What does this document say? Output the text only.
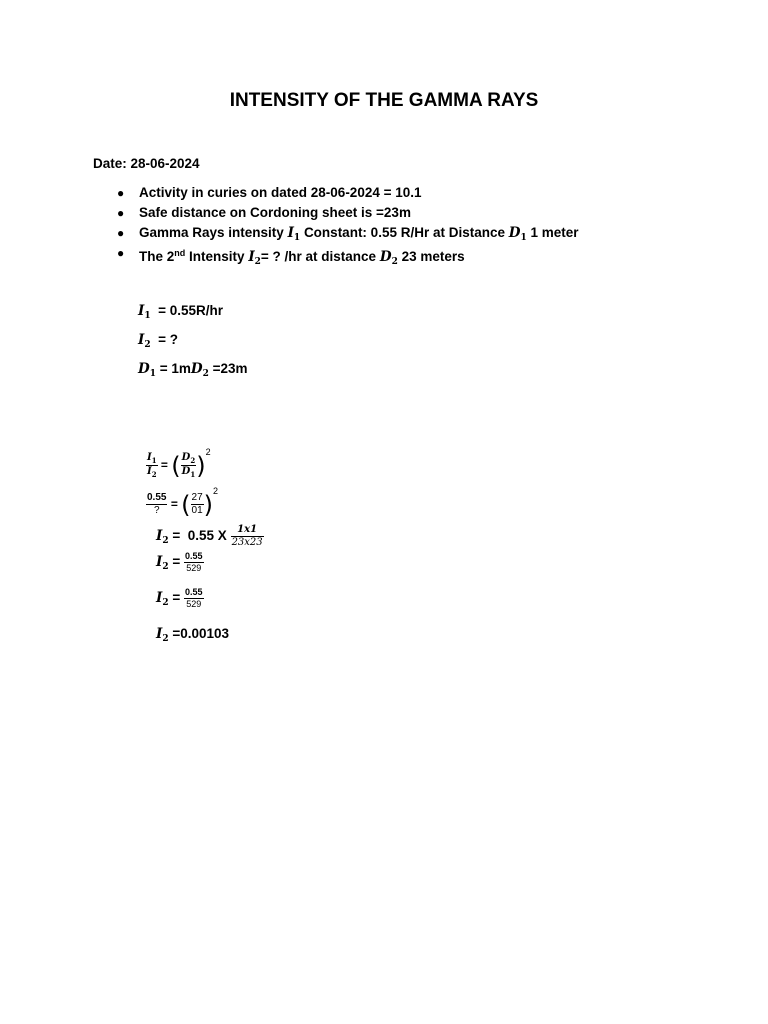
INTENSITY OF THE GAMMA RAYS
Date: 28-06-2024
● Activity in curies on dated 28-06-2024 = 10.1
● Safe distance on Cordoning sheet is =23m
● Gamma Rays intensity $I_1$ Constant: 0.55 R/Hr at Distance $D_1$ 1 meter
● The 2nd Intensity $I_2=$ ? /hr at distance $D_2$ 23 meters
$I_1 = 0.55R/hr$
$I_2$ = ?
$D_1 = 1mD_2 =23m$
$\frac{I_1}{I_2}$ = ( $\frac{D_2}{D_1} )^2$
$\frac{0.55}{?}$ = ( $\frac{27}{01} )^2$
$I_2 = 0.55$ X $\frac{1x1}{23x23}$
$I_2 = \frac{0.55}{529}$
$I_2 = \frac{0.55}{529}$
$I_2 =0.00103$
